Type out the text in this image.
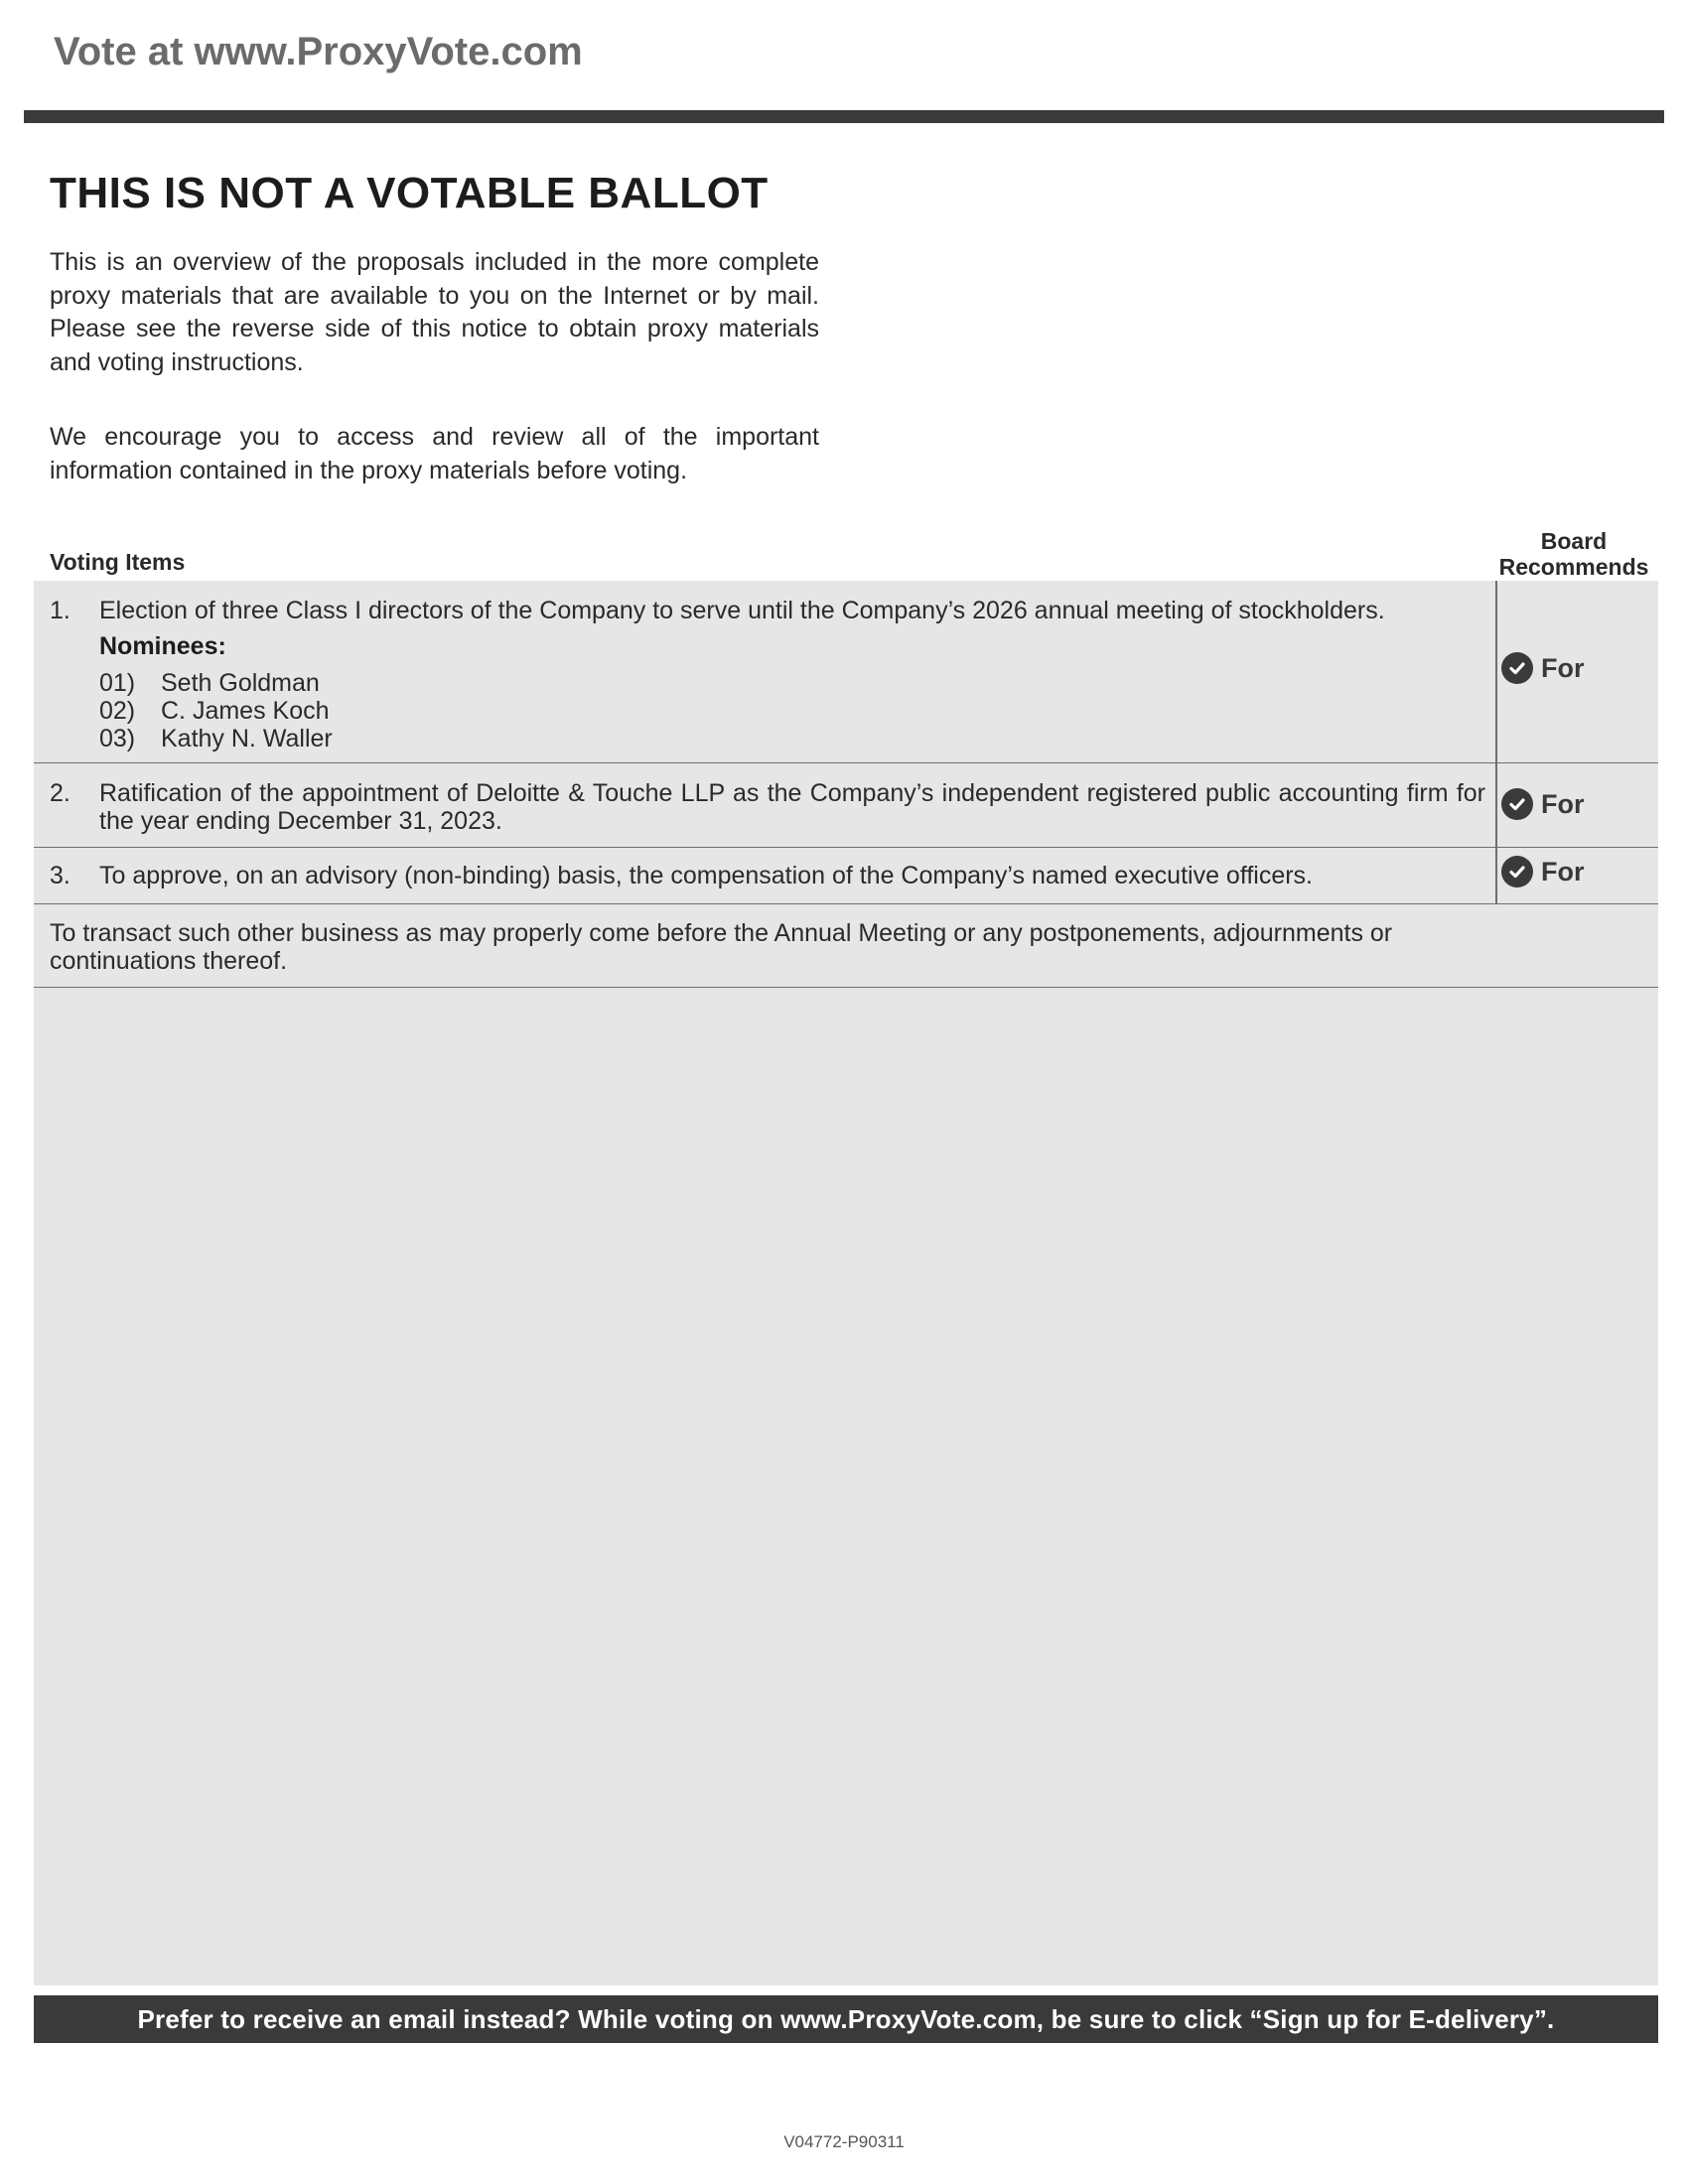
Vote at www.ProxyVote.com
THIS IS NOT A VOTABLE BALLOT
This is an overview of the proposals included in the more complete proxy materials that are available to you on the Internet or by mail. Please see the reverse side of this notice to obtain proxy materials and voting instructions.
We encourage you to access and review all of the important information contained in the proxy materials before voting.
Voting Items
Board
Recommends
1. Election of three Class I directors of the Company to serve until the Company’s 2026 annual meeting of stockholders.
Nominees:
01) Seth Goldman
02) C. James Koch
03) Kathy N. Waller
For
2. Ratification of the appointment of Deloitte & Touche LLP as the Company’s independent registered public accounting firm for the year ending December 31, 2023.
For
3. To approve, on an advisory (non-binding) basis, the compensation of the Company’s named executive officers.	For
To transact such other business as may properly come before the Annual Meeting or any postponements, adjournments or continuations thereof.
Prefer to receive an email instead? While voting on www.ProxyVote.com, be sure to click “Sign up for E-delivery”.
V04772-P90311
